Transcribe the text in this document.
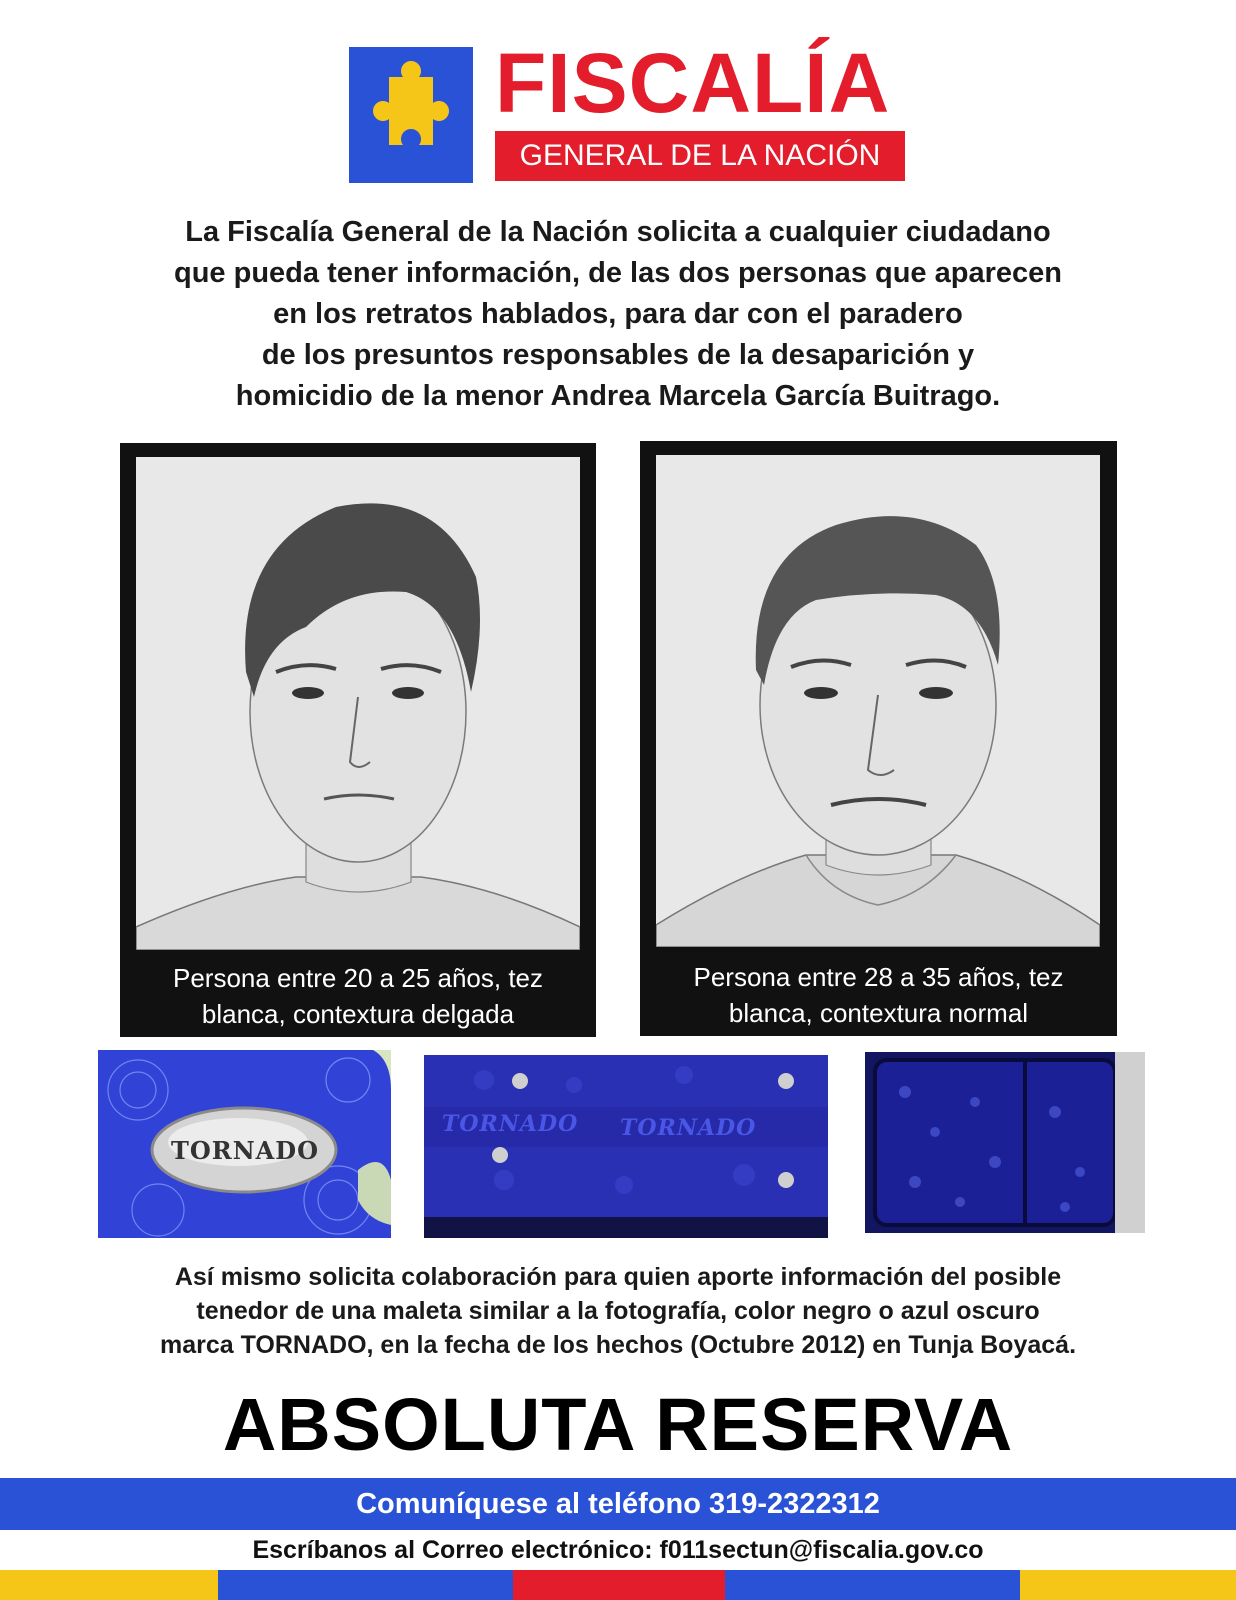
FISCALÍA
GENERAL DE LA NACIÓN
La Fiscalía General de la Nación solicita a cualquier ciudadano
que pueda tener información, de las dos personas que aparecen
en los retratos hablados, para dar con el paradero
de los presuntos responsables de la desaparición y
homicidio de la menor Andrea Marcela García Buitrago.
Persona entre 20 a 25 años, tez
blanca, contextura delgada
Persona entre 28 a 35 años, tez
blanca, contextura normal
TORNADO
TORNADO TORNADO
Así mismo solicita colaboración para quien aporte información del posible
tenedor de una maleta similar a la fotografía, color negro o azul oscuro
marca TORNADO, en la fecha de los hechos (Octubre 2012) en Tunja Boyacá.
ABSOLUTA RESERVA
Comuníquese al teléfono 319-2322312
Escríbanos al Correo electrónico: f011sectun@fiscalia.gov.co
